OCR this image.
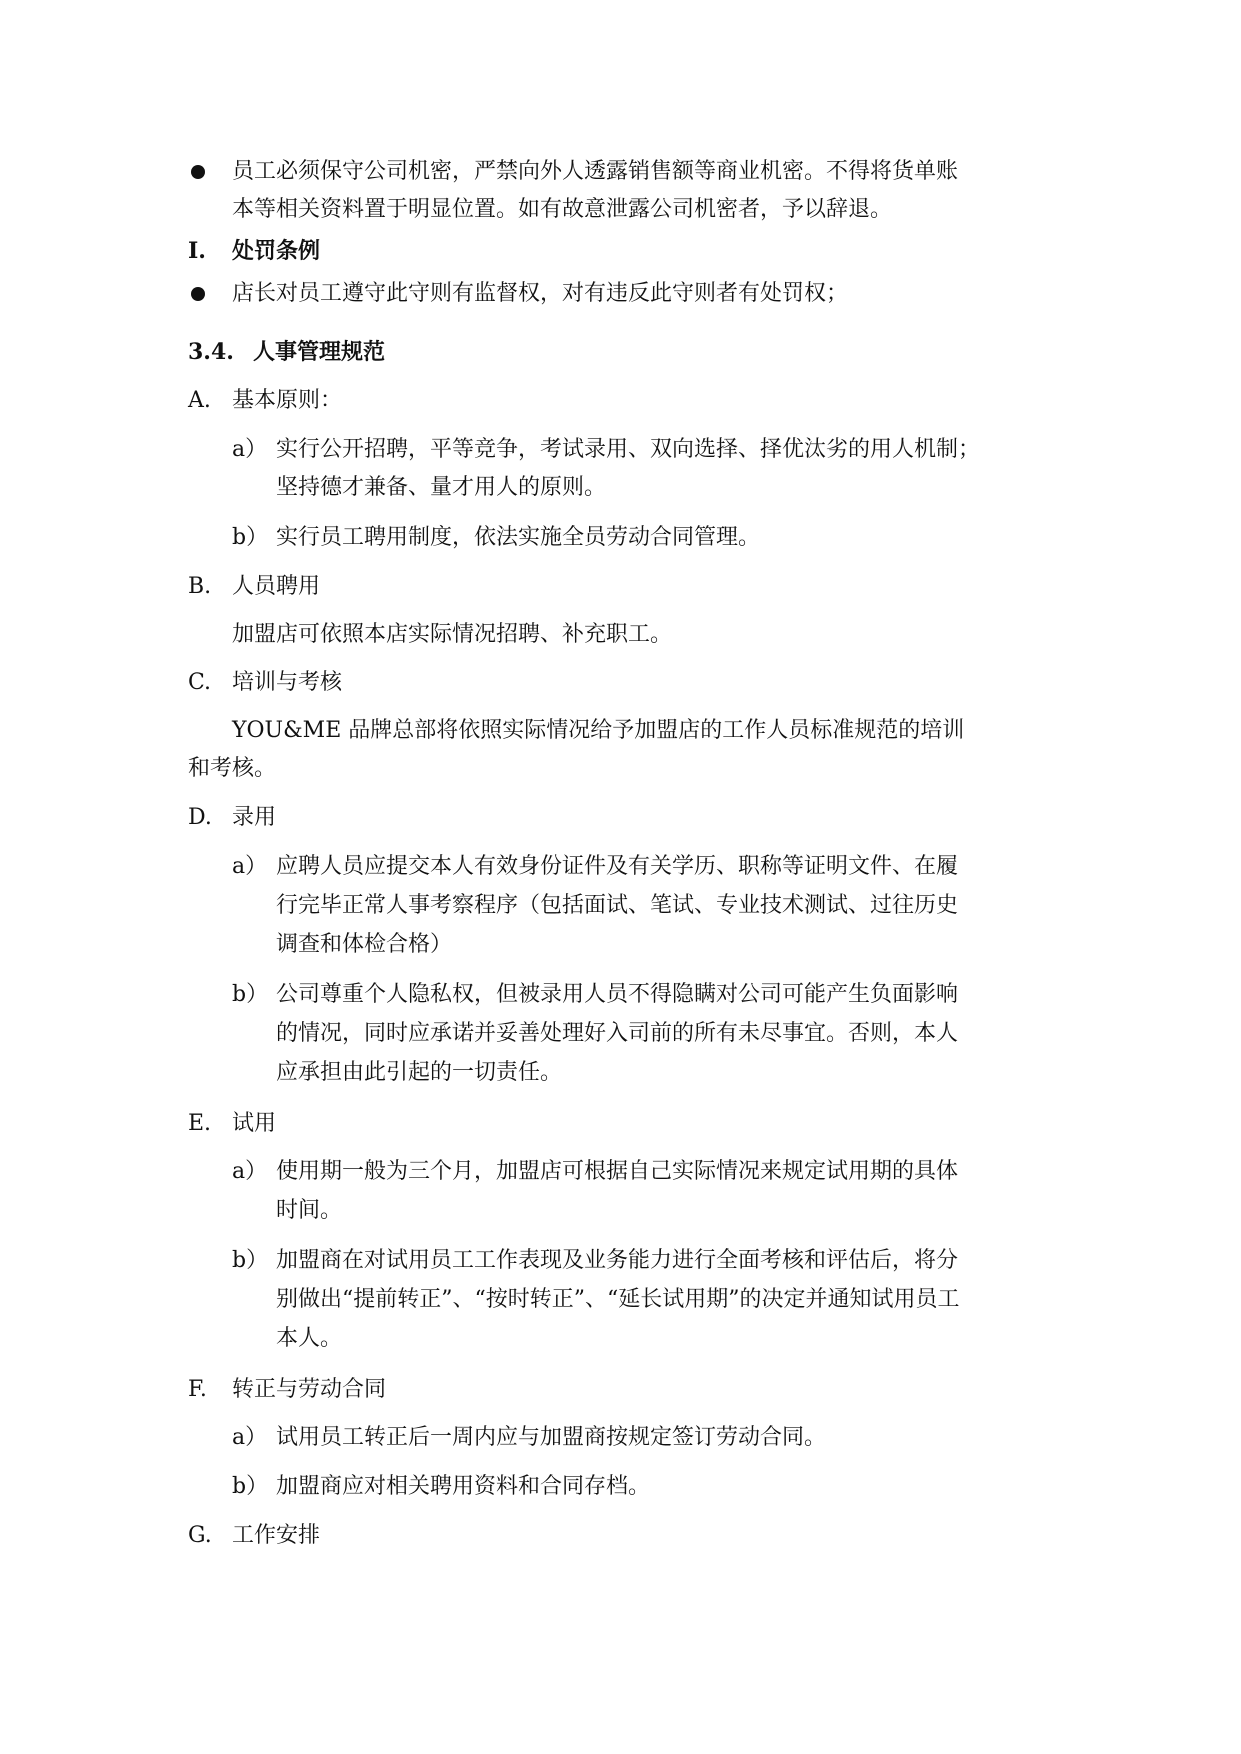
员工必须保守公司机密，严禁向外人透露销售额等商业机密。不得将货单账
本等相关资料置于明显位置。如有故意泄露公司机密者，予以辞退。
I. 处罚条例
店长对员工遵守此守则有监督权，对有违反此守则者有处罚权；
3.4. 人事管理规范
A. 基本原则：
a） 实行公开招聘，平等竞争，考试录用、双向选择、择优汰劣的用人机制；
坚持德才兼备、量才用人的原则。
b） 实行员工聘用制度，依法实施全员劳动合同管理。
B. 人员聘用
加盟店可依照本店实际情况招聘、补充职工。
C. 培训与考核
YOU&ME 品牌总部将依照实际情况给予加盟店的工作人员标准规范的培训
和考核。
D. 录用
a） 应聘人员应提交本人有效身份证件及有关学历、职称等证明文件、在履
行完毕正常人事考察程序（包括面试、笔试、专业技术测试、过往历史
调查和体检合格）
b） 公司尊重个人隐私权，但被录用人员不得隐瞒对公司可能产生负面影响
的情况，同时应承诺并妥善处理好入司前的所有未尽事宜。否则，本人
应承担由此引起的一切责任。
E. 试用
a） 使用期一般为三个月，加盟店可根据自己实际情况来规定试用期的具体
时间。
b） 加盟商在对试用员工工作表现及业务能力进行全面考核和评估后，将分
别做出“提前转正”、“按时转正”、“延长试用期”的决定并通知试用员工
本人。
F. 转正与劳动合同
a） 试用员工转正后一周内应与加盟商按规定签订劳动合同。
b） 加盟商应对相关聘用资料和合同存档。
G. 工作安排
